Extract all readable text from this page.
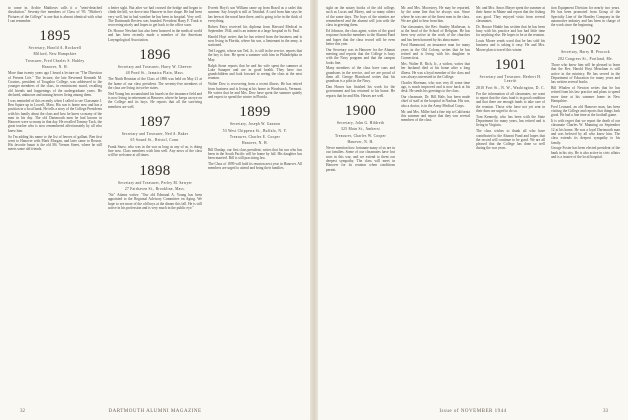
to come in. Archie Matthews calls it a "semi-detached dissolution." Seventy-five members of Class of '95. "Mother's Pictures of the College" is one that is almost identical with what I can remember.

1895
Secretary, Harold A. Rockwell
Milford, New Hampshire
Treasurer, Fred Charles S. Hubley
Hanover, N. H.

More than twenty years ago I heard a lecture on "The Direction of Present Life." The lecture, the late Reverend Kenneth M. Cousins, president of Tougaloo College, was addressed to the younger members of the class, in reminiscent mood, recalling old friends and happenings of the undergraduate years. He declared, unknown and unsung heroes living among them.

I was reminded of this recently when I called to see Classmate J. Ben Squire up in Lowell, Mass. His son is home now and has a position in a local bank. He tells a story of the College Presidents with his family about the class and how he knew so many of the men in his day. The old Dartmouth men he had known in Hanover were so many in that day. He recalled Tommy Tuck, the great teacher who is now remembered affectionately by all who knew him.

So I'm adding his name to the list of heroes of gallant. Ben first went to Hanover with Mark Morgan, and later came to Boston. His favorite haunt is the old Mt. Vernon Street, where he still meets some old friends.

a better sight. But after we had crossed the bridge and began to climb the hill, we drove into Hanover in fine shape. He had been very well, but in bad weather he has been in hospital. Very well. The Dartmouth Review was founded. President Harry F. Trask is recovering nicely and hopes to get back to the office soon.

Dr. Horace Newhart has also been honored in the medical world and has been recently made a member of the American Laryngological Association.

1896
Secretary and Treasurer, Harry W. Cheever
40 Pond St., Jamaica Plain, Mass.

The Ninth Reunion of the Class of 1896 was held on May 21 at the home of our class president. The seventy-five members of the class are living in twelve states.

Ned Young has accumulated his laurels in the insurance field and is now living in retirement at Hanover, where he keeps an eye on the College and its boys. He reports that all the surviving members are well.

1897
Secretary and Treasurer, Ned A. Baker
65 Sound St., Bristol, Conn.

Frank Snow, who was in the war as long as any of us, is doing fine now. Class members wish him well. Any news of the class will be welcome at all times.

1898
Secretary and Treasurer, Perley M. Sawyer
27 Fairhaven St., Brookline, Mass.

"Sir" Adams writes: "Our old Edmund A. Young has been appointed to the Regional Advisory Committee on Aging. We hope to see more of the old boys at the dinner this fall. He is still active in his profession and is very much in the public eye."

Everett Hoyt's son William came up from Brazil as a cadet this summer. Say Joseph is still at Trinidad. A card from him says he has been at the naval base there, and is going to be in the thick of everything.

Robert Fairy received his diploma from Harvard Medical in September 1944, and is an interne at a large hospital in St. Paul.

Harold Hoyt writes that he has retired from the business and is now living in Florida, where his son, a lieutenant in the army, is stationed.

Ted Leggett, whose son Ted, Jr., is still in the service, reports that the boy is fine. He spent a summer with him in Philadelphia in May.

Ralph Stone reports that he and his wife spent the summer at Lake Sunapee and are in good health. They have two grandchildren and look forward to seeing the class at the next reunion.

Walter Dow is recovering from a recent illness. He has retired from business and is living at his home in Woodstock, Vermont. He writes that he and Mrs. Dow have spent the summer quietly and expect to spend the winter in Florida.

1899
Secretary, Joseph W. Gannon
53 West Chippewa St., Buffalo, N. Y.
Treasurer, Charles E. Cooper
Hanover, N. H.

Bill Dunlap, our first class president, writes that his son who has been in the South Pacific will be home by fall. His daughter has been married. Bill is still practicing law.

The Class of 1899 will hold its reunion next year in Hanover. All members are urged to attend and bring their families.

32	DARTMOUTH ALUMNI MAGAZINE

sight on the notary books of the old college, such as Lucas and Morey, and so many others of the same days. The boys of the nineties are remembered and the alumni will join with the class in greeting them.

Ed Johnson, the class agent, writes of the good response from the members to the Alumni Fund and hopes that the class record will be even better this year.

Our Secretary was in Hanover for the Alumni meeting and reports that the College is busy with the Navy program and that the campus looks fine.

Many members of the class have sons and grandsons in the service, and we are proud of them all. George Blanchard writes that his grandson is a pilot in the Navy.

Dan Hawes has finished his work for the government and has returned to his home. He reports that he and Mrs. Hawes are well.

1900
Secretary, John G. Hildreth
325 Main St., Amherst
Treasurer, Charles W. Cooper
Hanover, N. H.

Never mention how fortunate many of us are in our families. Some of our classmates have lost sons in this war, and we extend to them our deepest sympathy. The class will meet in Hanover for its reunion when conditions permit.

Mr. and Mrs. Moorstery. He may be reported, by the same line that he always was. Since where he was one of the finest men in the class. We are glad to hear from him.

Our classmates, the Rev. Stanley Matheson, is at the head of the School of Religion. He has been very active in the work of the churches and has been honored by his alma mater.

Fred Hammond, an insurance man for many years in the Old Colony, writes that he has retired and is living with his daughter in Connecticut.

Mrs. Walter B. Rich, Jr., a widow, writes that her husband died at his home after a long illness. He was a loyal member of the class and was always interested in the College.

Charles Sherman, who was very ill some time ago, is much improved and is now back at his desk. He sends his greetings to the class.

Our classmate, Dr. Bill Hale, has been made chief of staff at the hospital in Nashua. His son, also a doctor, is in the Army Medical Corps.

Mr. and Mrs. Miller had a fine trip to California this summer and report that they saw several members of the class.

Mr. and Mrs. Amos Mayer spent the summer at their home in Maine and report that the fishing was good. They enjoyed visits from several classmates.

Dr. Horace Hinkle has written that he has been busy with his practice and has had little time for anything else. He hopes to be at the reunion.

Louis Moore sends word that he has sold his business and is taking it easy. He and Mrs. Moore plan to travel this winter.

1901
Secretary and Treasurer, Herbert H. Leavitt
2810 Fort St., N. W., Washington, D. C.

For the information of all classmates, we want to report that the class fund is in good condition and that there are enough funds to take care of the reunion. Those who have not yet sent in their dues are urged to do so.

Tom Kennedy, who has been with the State Department for many years, has retired and is living in Virginia.

The class wishes to thank all who have contributed to the Alumni Fund and hopes that the record will continue to be good. We are all pleased that the College has done so well during the war years.

tion Equipment Division for nearly two years. He has been promoted from Group of the Specialty Line of the Huntley Company in the automotive industry and has been in charge of the work since the beginning.

1902
Secretary, Harry H. Peacock
202 Congress St., Portland, Me.

Those who knew him will be pleased to learn that the Rev. Harold Hoyt Meacham is still active in the ministry. He has served in the Department of Education for many years and has written several books.

Bill Whalen of Newton writes that he has retired from his law practice and plans to spend more time at his summer home in New Hampshire.

Fred Leonard, an old Hanover man, has been visiting the College and reports that things look good. He had a fine time at the football game.

It is with regret that we report the death of our classmate Charles W. Manning on September 12 at his home. He was a loyal Dartmouth man and was beloved by all who knew him. The class extends its deepest sympathy to his family.

George Foster has been elected president of the bank in his city. He is also active in civic affairs and is a trustee of the local hospital.

Issue of NOVEMBER 1944	33
